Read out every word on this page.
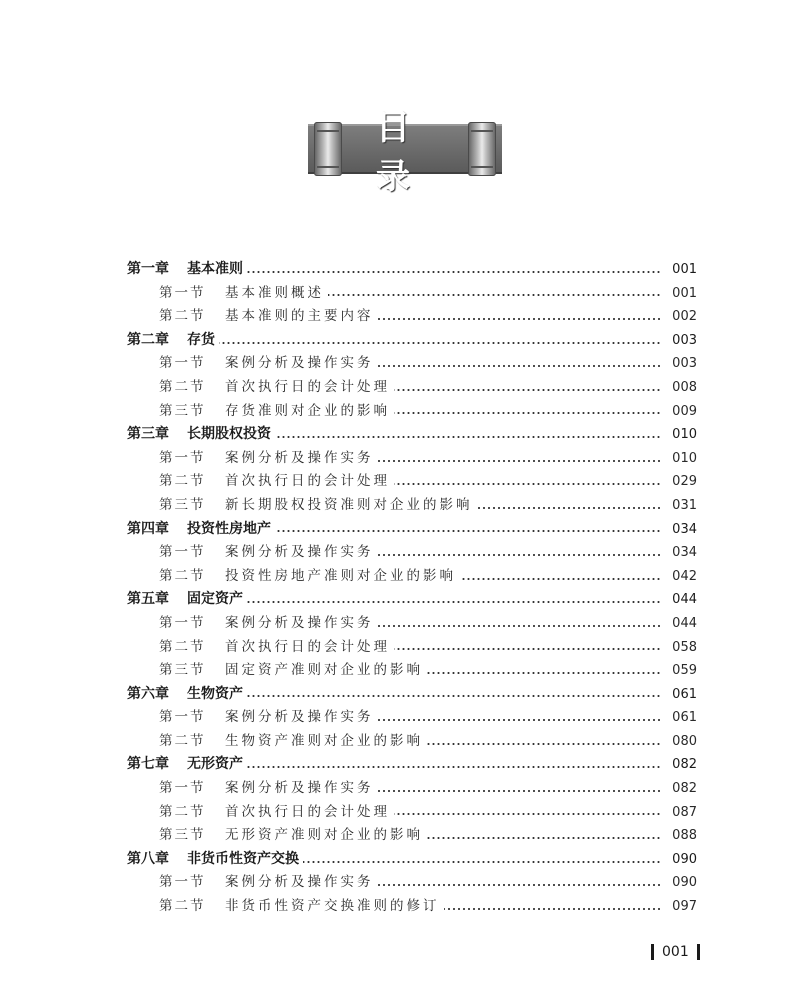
目 录
第一章	基本准则	001
第一节	基本准则概述	001
第二节	基本准则的主要内容	002
第二章	存货	003
第一节	案例分析及操作实务	003
第二节	首次执行日的会计处理	008
第三节	存货准则对企业的影响	009
第三章	长期股权投资	010
第一节	案例分析及操作实务	010
第二节	首次执行日的会计处理	029
第三节	新长期股权投资准则对企业的影响	031
第四章	投资性房地产	034
第一节	案例分析及操作实务	034
第二节	投资性房地产准则对企业的影响	042
第五章	固定资产	044
第一节	案例分析及操作实务	044
第二节	首次执行日的会计处理	058
第三节	固定资产准则对企业的影响	059
第六章	生物资产	061
第一节	案例分析及操作实务	061
第二节	生物资产准则对企业的影响	080
第七章	无形资产	082
第一节	案例分析及操作实务	082
第二节	首次执行日的会计处理	087
第三节	无形资产准则对企业的影响	088
第八章	非货币性资产交换	090
第一节	案例分析及操作实务	090
第二节	非货币性资产交换准则的修订	097
001
